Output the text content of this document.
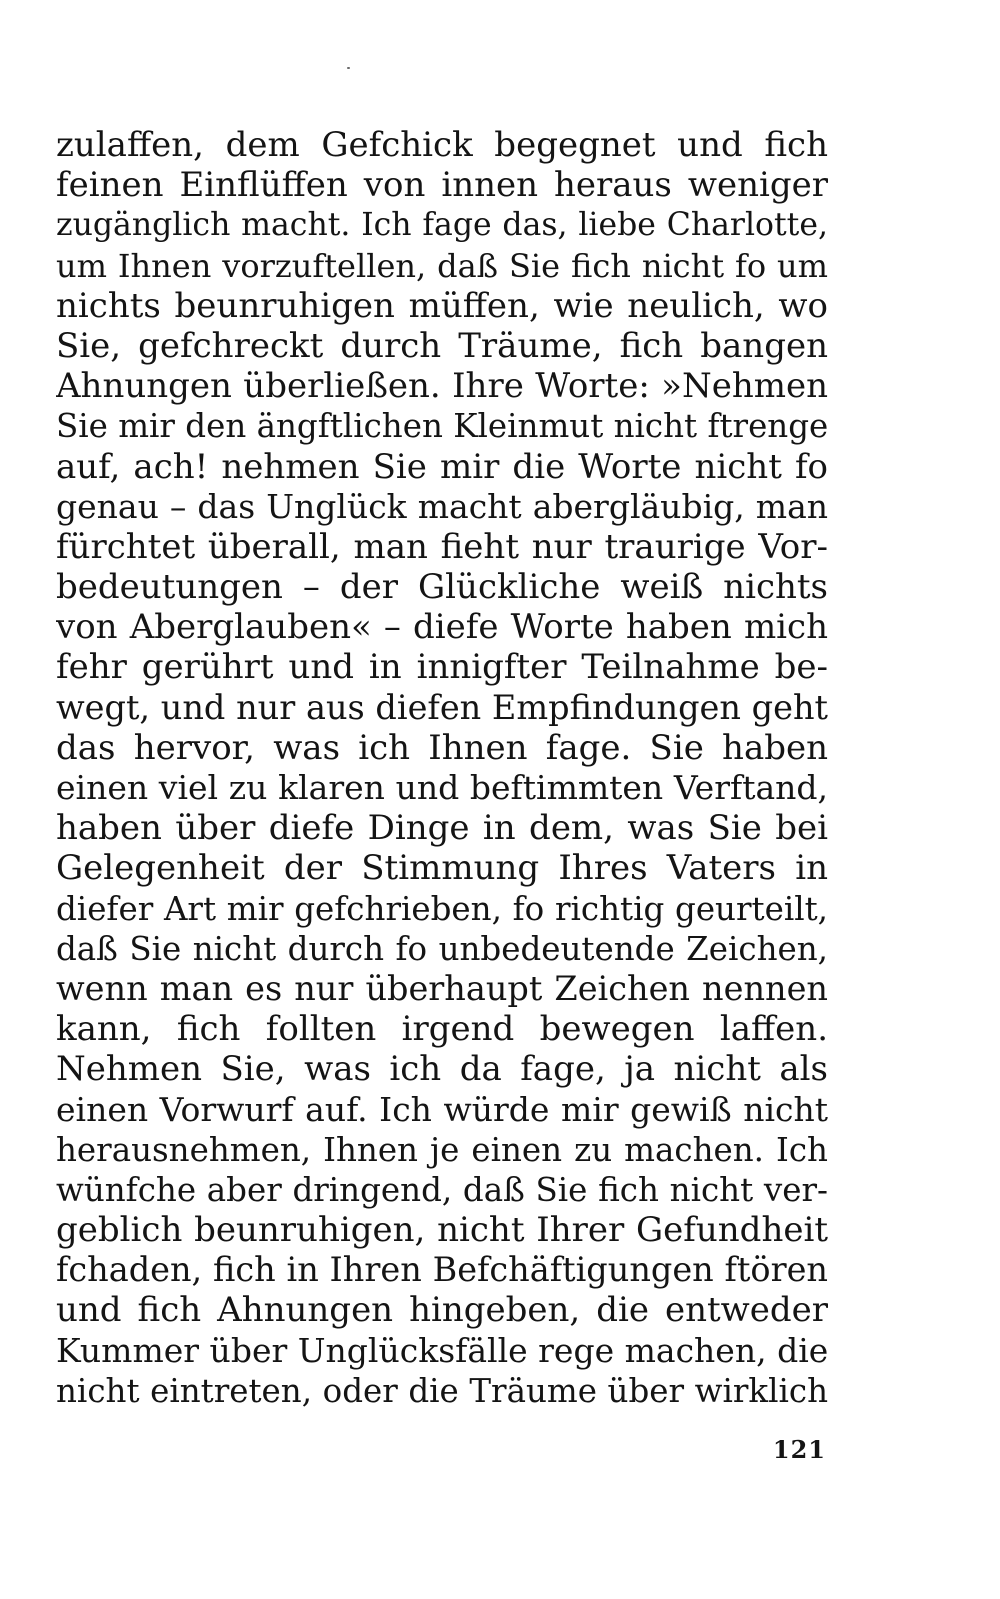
zulaffen, dem Gefchick begegnet und fich
feinen Einflüffen von innen heraus weniger
zugänglich macht. Ich fage das, liebe Charlotte,
um Ihnen vorzuftellen, daß Sie fich nicht fo um
nichts beunruhigen müffen, wie neulich, wo
Sie, gefchreckt durch Träume, fich bangen
Ahnungen überließen. Ihre Worte: »Nehmen
Sie mir den ängftlichen Kleinmut nicht ftrenge
auf, ach! nehmen Sie mir die Worte nicht fo
genau – das Unglück macht abergläubig, man
fürchtet überall, man fieht nur traurige Vor-
bedeutungen – der Glückliche weiß nichts
von Aberglauben« – diefe Worte haben mich
fehr gerührt und in innigfter Teilnahme be-
wegt, und nur aus diefen Empfindungen geht
das hervor, was ich Ihnen fage. Sie haben
einen viel zu klaren und beftimmten Verftand,
haben über diefe Dinge in dem, was Sie bei
Gelegenheit der Stimmung Ihres Vaters in
diefer Art mir gefchrieben, fo richtig geurteilt,
daß Sie nicht durch fo unbedeutende Zeichen,
wenn man es nur überhaupt Zeichen nennen
kann, fich follten irgend bewegen laffen.
Nehmen Sie, was ich da fage, ja nicht als
einen Vorwurf auf. Ich würde mir gewiß nicht
herausnehmen, Ihnen je einen zu machen. Ich
wünfche aber dringend, daß Sie fich nicht ver-
geblich beunruhigen, nicht Ihrer Gefundheit
fchaden, fich in Ihren Befchäftigungen ftören
und fich Ahnungen hingeben, die entweder
Kummer über Unglücksfälle rege machen, die
nicht eintreten, oder die Träume über wirklich
121
